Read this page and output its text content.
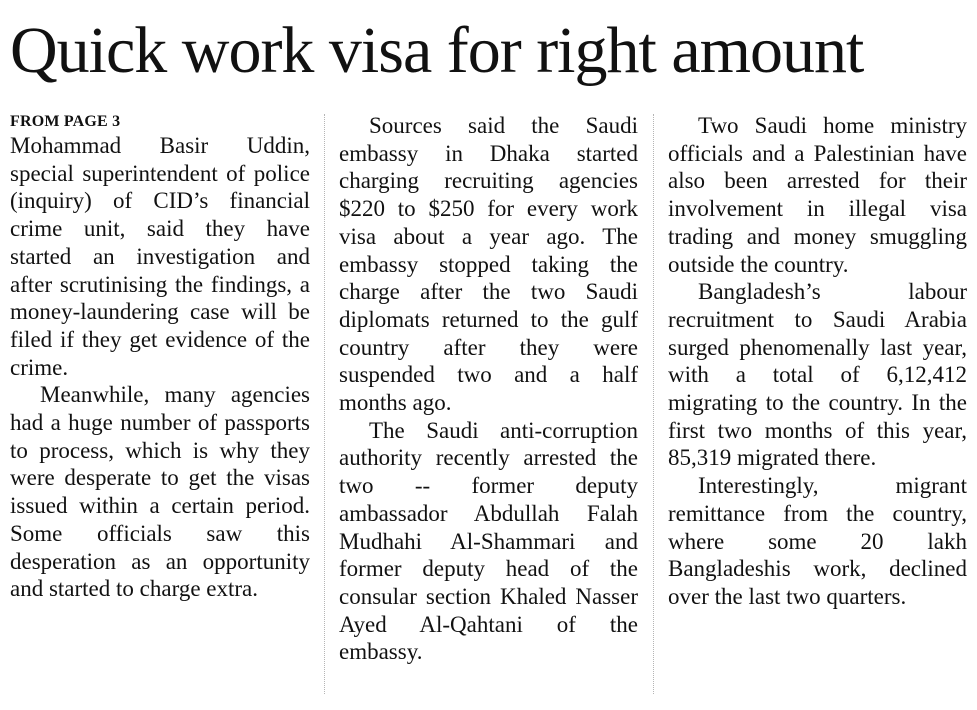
Quick work visa for right amount
FROM PAGE 3

Mohammad Basir Uddin, special superintendent of police (inquiry) of CID’s financial crime unit, said they have started an investigation and after scrutinising the findings, a money-laundering case will be filed if they get evidence of the crime.

Meanwhile, many agencies had a huge number of passports to process, which is why they were desperate to get the visas issued within a certain period. Some officials saw this desperation as an opportunity and started to charge extra.

Sources said the Saudi embassy in Dhaka started charging recruiting agencies $220 to $250 for every work visa about a year ago. The embassy stopped taking the charge after the two Saudi diplomats returned to the gulf country after they were suspended two and a half months ago.

The Saudi anti-corruption authority recently arrested the two -- former deputy ambassador Abdullah Falah Mudhahi Al-Shammari and former deputy head of the consular section Khaled Nasser Ayed Al-Qahtani of the embassy.

Two Saudi home ministry officials and a Palestinian have also been arrested for their involvement in illegal visa trading and money smuggling outside the country.

Bangladesh’s labour recruitment to Saudi Arabia surged phenomenally last year, with a total of 6,12,412 migrating to the country. In the first two months of this year, 85,319 migrated there.

Interestingly, migrant remittance from the country, where some 20 lakh Bangladeshis work, declined over the last two quarters.
